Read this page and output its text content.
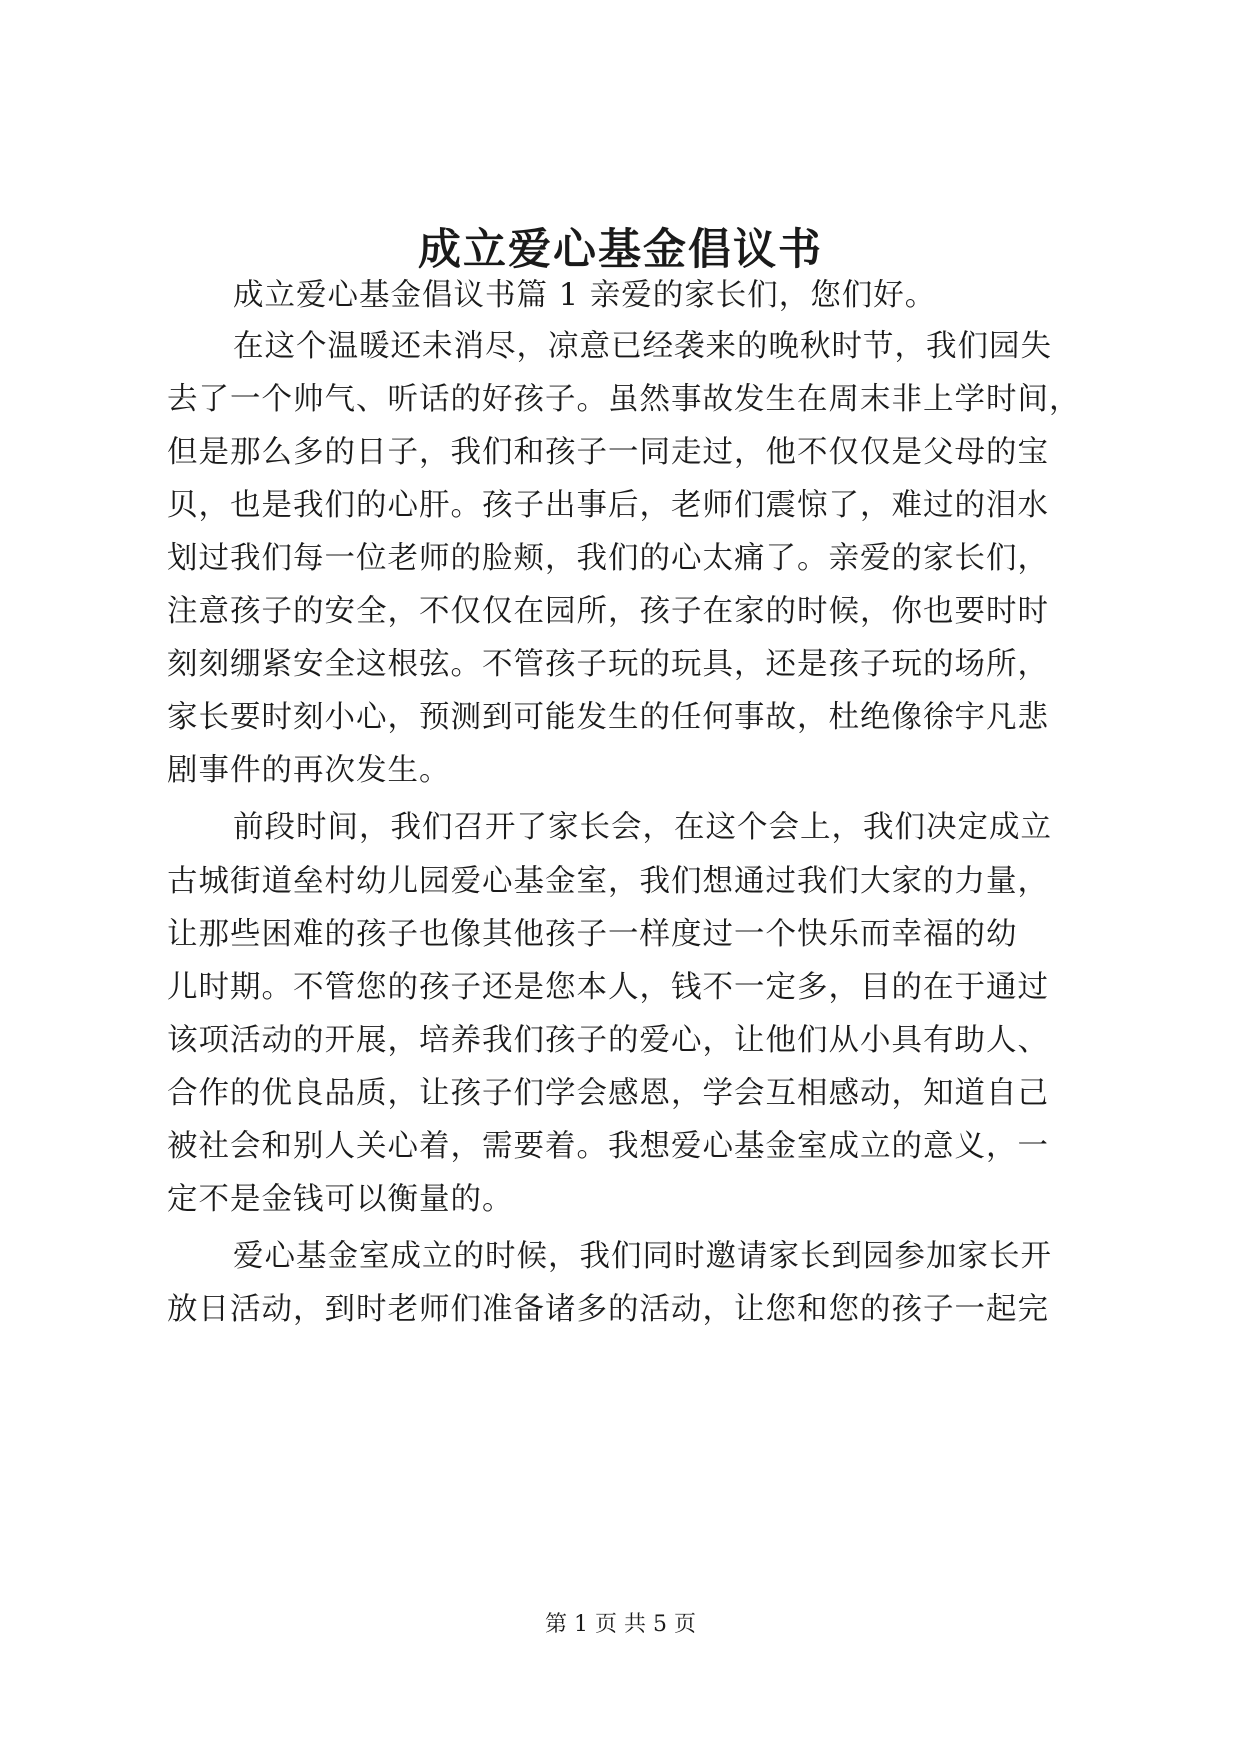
成立爱心基金倡议书
成立爱心基金倡议书篇 1 亲爱的家长们，您们好。
在这个温暖还未消尽，凉意已经袭来的晚秋时节，我们园失
去了一个帅气、听话的好孩子。虽然事故发生在周末非上学时间，
但是那么多的日子，我们和孩子一同走过，他不仅仅是父母的宝
贝，也是我们的心肝。孩子出事后，老师们震惊了，难过的泪水
划过我们每一位老师的脸颊，我们的心太痛了。亲爱的家长们，
注意孩子的安全，不仅仅在园所，孩子在家的时候，你也要时时
刻刻绷紧安全这根弦。不管孩子玩的玩具，还是孩子玩的场所，
家长要时刻小心，预测到可能发生的任何事故，杜绝像徐宇凡悲
剧事件的再次发生。
前段时间，我们召开了家长会，在这个会上，我们决定成立
古城街道垒村幼儿园爱心基金室，我们想通过我们大家的力量，
让那些困难的孩子也像其他孩子一样度过一个快乐而幸福的幼
儿时期。不管您的孩子还是您本人，钱不一定多，目的在于通过
该项活动的开展，培养我们孩子的爱心，让他们从小具有助人、
合作的优良品质，让孩子们学会感恩，学会互相感动，知道自己
被社会和别人关心着，需要着。我想爱心基金室成立的意义，一
定不是金钱可以衡量的。
爱心基金室成立的时候，我们同时邀请家长到园参加家长开
放日活动，到时老师们准备诸多的活动，让您和您的孩子一起完
第 1 页 共 5 页
